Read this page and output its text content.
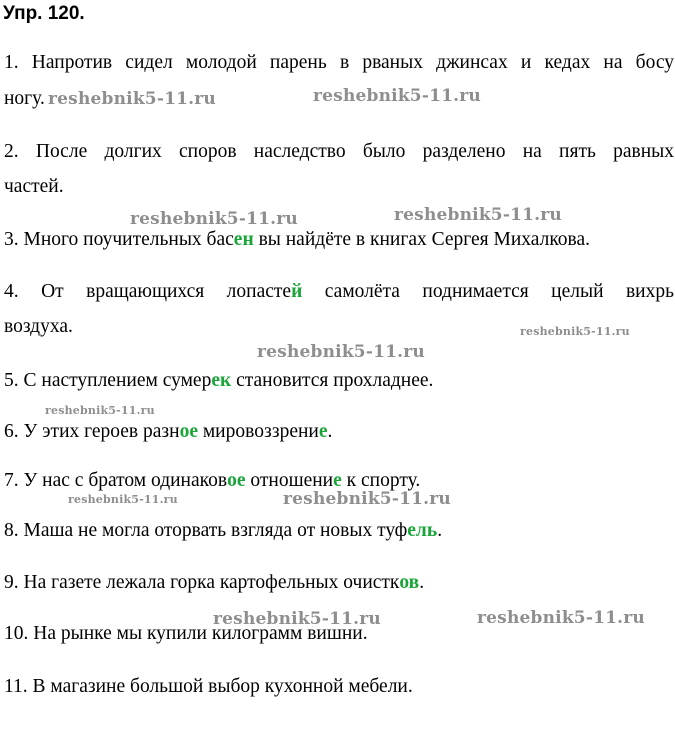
Упр. 120.
1. Напротив сидел молодой парень в рваных джинсах и кедах на босу
ногу.
2. После долгих споров наследство было разделено на пять равных
частей.
3. Много поучительных басен вы найдёте в книгах Сергея Михалкова.
4. От вращающихся лопастей самолёта поднимается целый вихрь
воздуха.
5. С наступлением сумерек становится прохладнее.
6. У этих героев разное мировоззрение.
7. У нас с братом одинаковое отношение к спорту.
8. Маша не могла оторвать взгляда от новых туфель.
9. На газете лежала горка картофельных очистков.
10. На рынке мы купили килограмм вишни.
11. В магазине большой выбор кухонной мебели.
reshebnik5-11.ru	reshebnik5-11.ru
reshebnik5-11.ru	reshebnik5-11.ru
reshebnik5-11.ru
reshebnik5-11.ru
reshebnik5-11.ru
reshebnik5-11.ru	reshebnik5-11.ru
reshebnik5-11.ru	reshebnik5-11.ru
